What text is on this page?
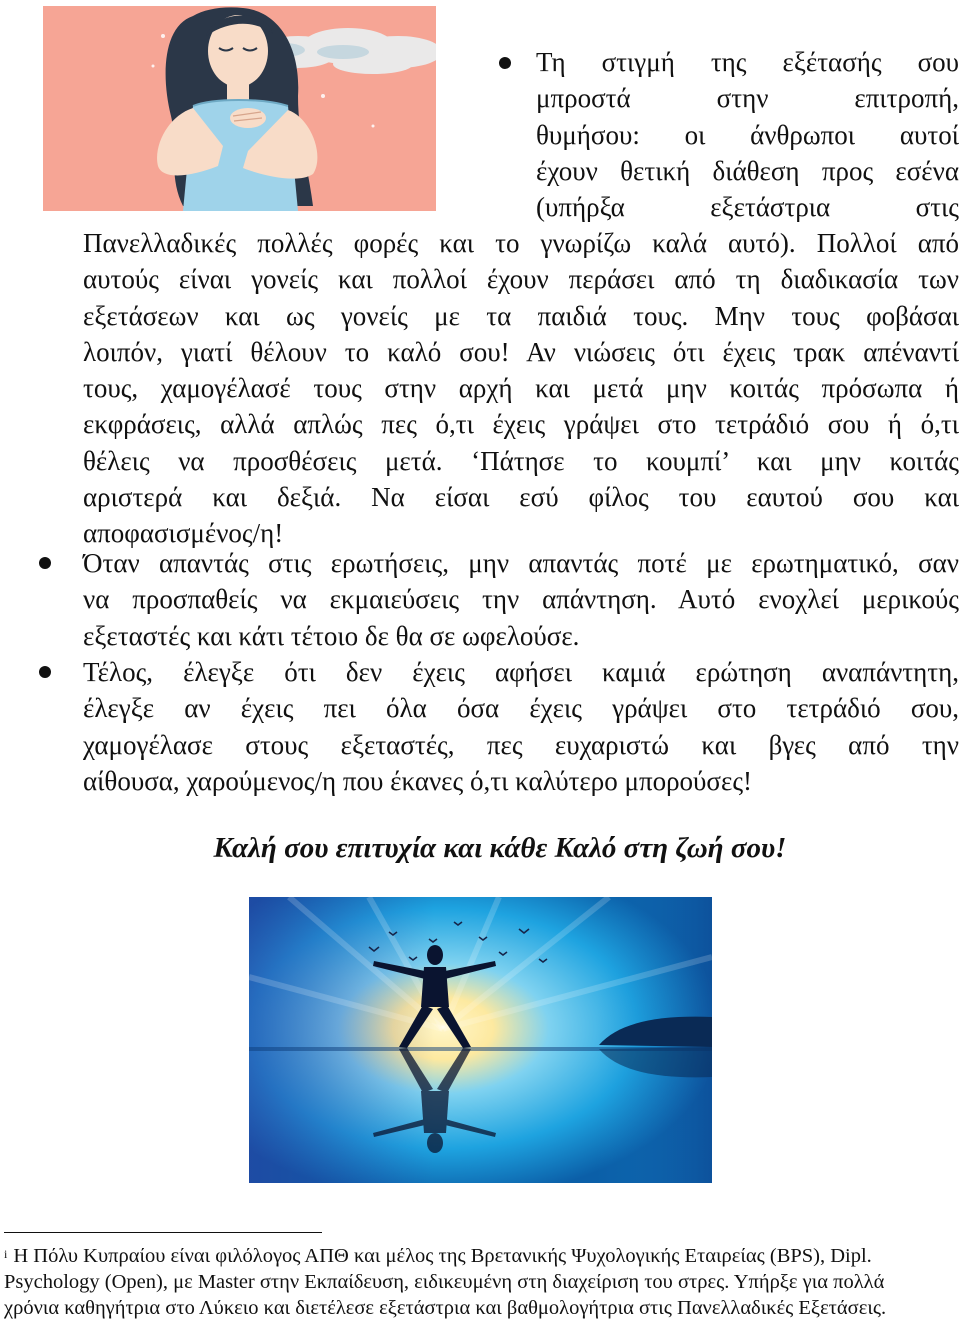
Τη στιγμή της εξέτασής σου
μπροστά στην επιτροπή,
θυμήσου: οι άνθρωποι αυτοί
έχουν θετική διάθεση προς εσένα
(υπήρξα εξετάστρια στις
Πανελλαδικές πολλές φορές και το γνωρίζω καλά αυτό). Πολλοί από
αυτούς είναι γονείς και πολλοί έχουν περάσει από τη διαδικασία των
εξετάσεων και ως γονείς με τα παιδιά τους. Μην τους φοβάσαι
λοιπόν, γιατί θέλουν το καλό σου! Αν νιώσεις ότι έχεις τρακ απέναντί
τους, χαμογέλασέ τους στην αρχή και μετά μην κοιτάς πρόσωπα ή
εκφράσεις, αλλά απλώς πες ό,τι έχεις γράψει στο τετράδιό σου ή ό,τι
θέλεις να προσθέσεις μετά. ‘Πάτησε το κουμπί’ και μην κοιτάς
αριστερά και δεξιά. Να είσαι εσύ φίλος του εαυτού σου και
αποφασισμένος/η!
Όταν απαντάς στις ερωτήσεις, μην απαντάς ποτέ με ερωτηματικό, σαν
να προσπαθείς να εκμαιεύσεις την απάντηση. Αυτό ενοχλεί μερικούς
εξεταστές και κάτι τέτοιο δε θα σε ωφελούσε.
Τέλος, έλεγξε ότι δεν έχεις αφήσει καμιά ερώτηση αναπάντητη,
έλεγξε αν έχεις πει όλα όσα έχεις γράψει στο τετράδιό σου,
χαμογέλασε στους εξεταστές, πες ευχαριστώ και βγες από την
αίθουσα, χαρούμενος/η που έκανες ό,τι καλύτερο μπορούσες!
Καλή σου επιτυχία και κάθε Καλό στη ζωή σου!
$^i$ Η Πόλυ Κυπραίου είναι φιλόλογος ΑΠΘ και μέλος της Βρετανικής Ψυχολογικής Εταιρείας (BPS), Dipl.
Psychology (Open), με Master στην Εκπαίδευση, ειδικευμένη στη διαχείριση του στρες. Υπήρξε για πολλά
χρόνια καθηγήτρια στο Λύκειο και διετέλεσε εξετάστρια και βαθμολογήτρια στις Πανελλαδικές Εξετάσεις.
